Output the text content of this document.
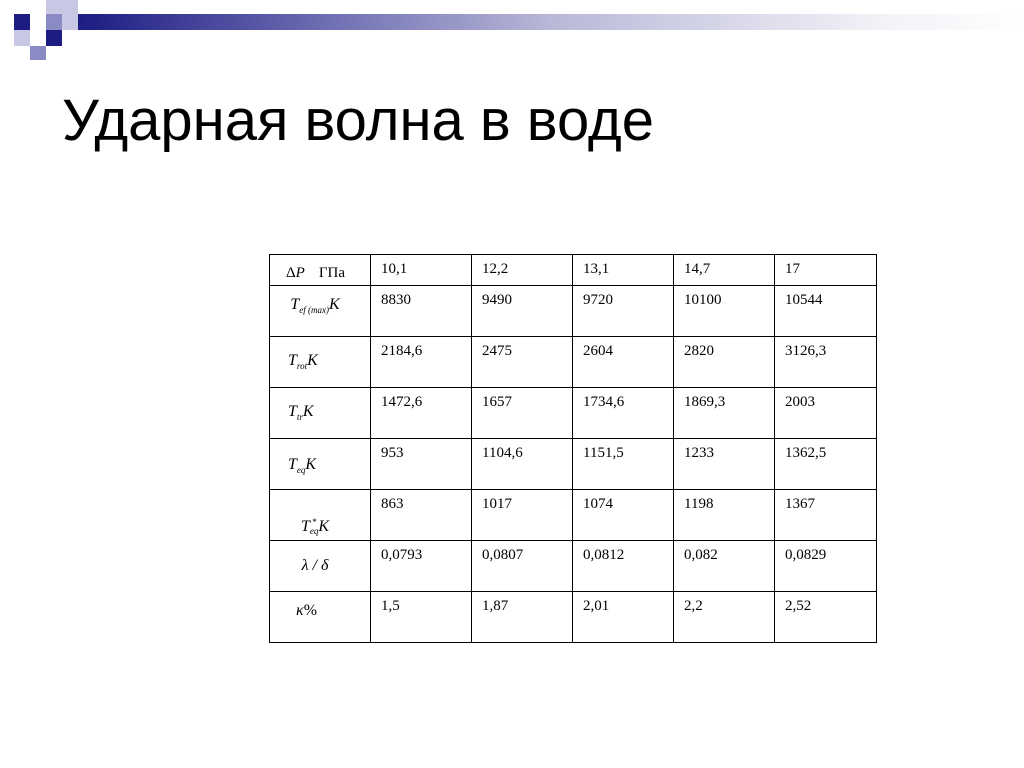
Ударная волна в воде
ΔP ГПа	10,1	12,2	13,1	14,7	17
$T_{ef (max)}K$	8830	9490	9720	10100	10544
$T_{rot}K$	2184,6	2475	2604	2820	3126,3
$T_{tr}K$	1472,6	1657	1734,6	1869,3	2003
$T_{eq}K$	953	1104,6	1151,5	1233	1362,5
T *
eq K	863	1017	1074	1198	1367
λ / δ	0,0793	0,0807	0,0812	0,082	0,0829
κ%	1,5	1,87	2,01	2,2	2,52
